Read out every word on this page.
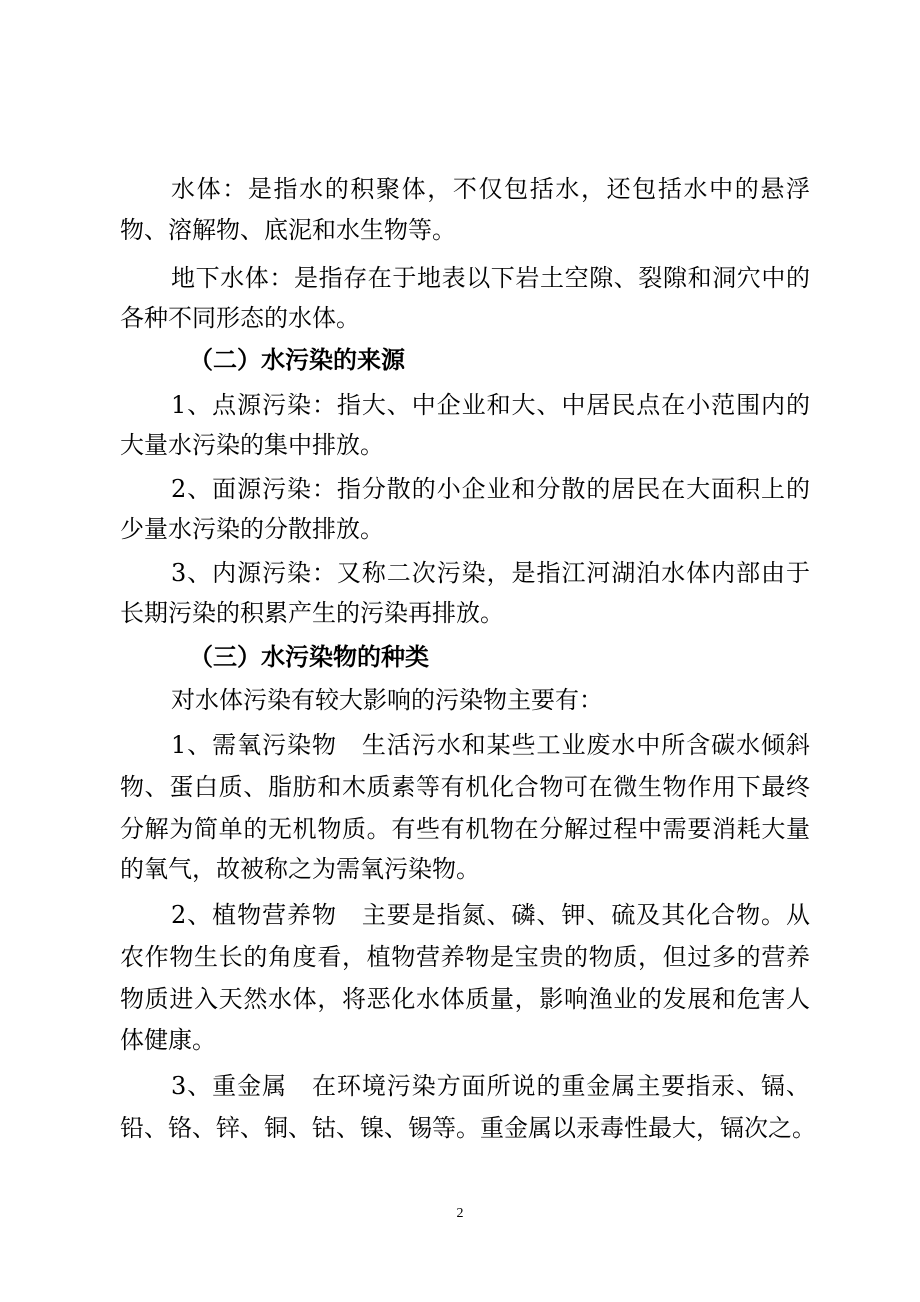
水体：是指水的积聚体，不仅包括水，还包括水中的悬浮
物、溶解物、底泥和水生物等。
地下水体：是指存在于地表以下岩土空隙、裂隙和洞穴中的
各种不同形态的水体。
（二）水污染的来源
1、点源污染：指大、中企业和大、中居民点在小范围内的
大量水污染的集中排放。
2、面源污染：指分散的小企业和分散的居民在大面积上的
少量水污染的分散排放。
3、内源污染：又称二次污染，是指江河湖泊水体内部由于
长期污染的积累产生的污染再排放。
（三）水污染物的种类
对水体污染有较大影响的污染物主要有：
1、需氧污染物　生活污水和某些工业废水中所含碳水倾斜
物、蛋白质、脂肪和木质素等有机化合物可在微生物作用下最终
分解为简单的无机物质。有些有机物在分解过程中需要消耗大量
的氧气，故被称之为需氧污染物。
2、植物营养物　主要是指氮、磷、钾、硫及其化合物。从
农作物生长的角度看，植物营养物是宝贵的物质，但过多的营养
物质进入天然水体，将恶化水体质量，影响渔业的发展和危害人
体健康。
3、重金属　在环境污染方面所说的重金属主要指汞、镉、
铅、铬、锌、铜、钴、镍、锡等。重金属以汞毒性最大，镉次之。
2
